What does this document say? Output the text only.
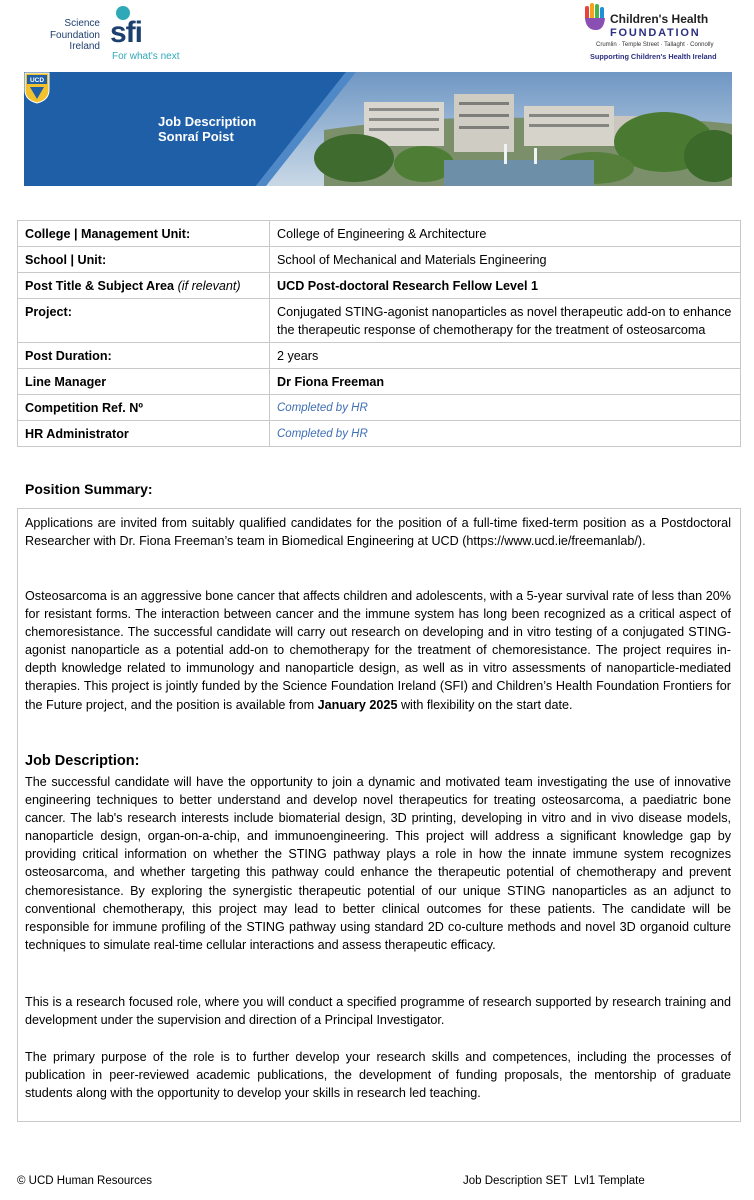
Science
Foundation
Ireland sfi
For what's next
Children's Health
FOUNDATION
Crumlin · Temple Street · Tallaght · Connolly
Supporting Children's Health Ireland
UCD
Job Description
Sonraí Poist
College | Management Unit:	College of Engineering & Architecture
School | Unit:	School of Mechanical and Materials Engineering
Post Title & Subject Area (if relevant)	UCD Post-doctoral Research Fellow Level 1
Project:	Conjugated STING-agonist nanoparticles as novel therapeutic add-on to enhance the therapeutic response of chemotherapy for the treatment of osteosarcoma
Post Duration:	2 years
Line Manager	Dr Fiona Freeman
Competition Ref. Nº	Completed by HR
HR Administrator	Completed by HR
Position Summary:
Applications are invited from suitably qualified candidates for the position of a full-time fixed-term position as a Postdoctoral Researcher with Dr. Fiona Freeman’s team in Biomedical Engineering at UCD (https://www.ucd.ie/freemanlab/).
Osteosarcoma is an aggressive bone cancer that affects children and adolescents, with a 5-year survival rate of less than 20% for resistant forms. The interaction between cancer and the immune system has long been recognized as a critical aspect of chemoresistance. The successful candidate will carry out research on developing and in vitro testing of a conjugated STING-agonist nanoparticle as a potential add-on to chemotherapy for the treatment of chemoresistance. The project requires in-depth knowledge related to immunology and nanoparticle design, as well as in vitro assessments of nanoparticle-mediated therapies. This project is jointly funded by the Science Foundation Ireland (SFI) and Children’s Health Foundation Frontiers for the Future project, and the position is available from January 2025 with flexibility on the start date.
Job Description:
The successful candidate will have the opportunity to join a dynamic and motivated team investigating the use of innovative engineering techniques to better understand and develop novel therapeutics for treating osteosarcoma, a paediatric bone cancer. The lab's research interests include biomaterial design, 3D printing, developing in vitro and in vivo disease models, nanoparticle design, organ-on-a-chip, and immunoengineering. This project will address a significant knowledge gap by providing critical information on whether the STING pathway plays a role in how the innate immune system recognizes osteosarcoma, and whether targeting this pathway could enhance the therapeutic potential of chemotherapy and prevent chemoresistance. By exploring the synergistic therapeutic potential of our unique STING nanoparticles as an adjunct to conventional chemotherapy, this project may lead to better clinical outcomes for these patients. The candidate will be responsible for immune profiling of the STING pathway using standard 2D co-culture methods and novel 3D organoid culture techniques to simulate real-time cellular interactions and assess therapeutic efficacy.
This is a research focused role, where you will conduct a specified programme of research supported by research training and development under the supervision and direction of a Principal Investigator.
The primary purpose of the role is to further develop your research skills and competences, including the processes of publication in peer-reviewed academic publications, the development of funding proposals, the mentorship of graduate students along with the opportunity to develop your skills in research led teaching.
© UCD Human Resources	Job Description SET  Lvl1 Template
